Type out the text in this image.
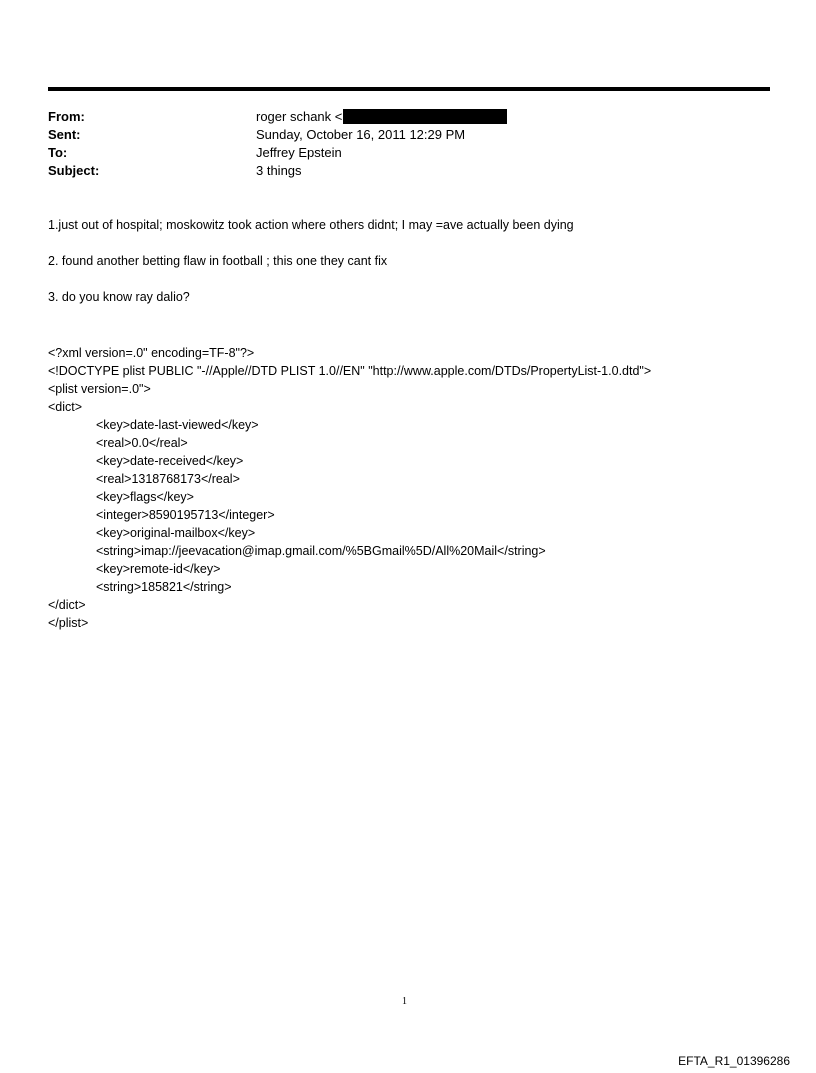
From:	roger schank <
Sent:	Sunday, October 16, 2011 12:29 PM
To:	Jeffrey Epstein
Subject:	3 things

1.just out of hospital; moskowitz took action where others didnt; I may =ave actually been dying

2. found another betting flaw in football ; this one they cant fix

3. do you know ray dalio?

<?xml version=.0" encoding=TF-8"?>
<!DOCTYPE plist PUBLIC "-//Apple//DTD PLIST 1.0//EN" "http://www.apple.com/DTDs/PropertyList-1.0.dtd">
<plist version=.0">
<dict>
<key>date-last-viewed</key>
<real>0.0</real>
<key>date-received</key>
<real>1318768173</real>
<key>flags</key>
<integer>8590195713</integer>
<key>original-mailbox</key>
<string>imap://jeevacation@imap.gmail.com/%5BGmail%5D/All%20Mail</string>
<key>remote-id</key>
<string>185821</string>
</dict>
</plist>
1
EFTA_R1_01396286
